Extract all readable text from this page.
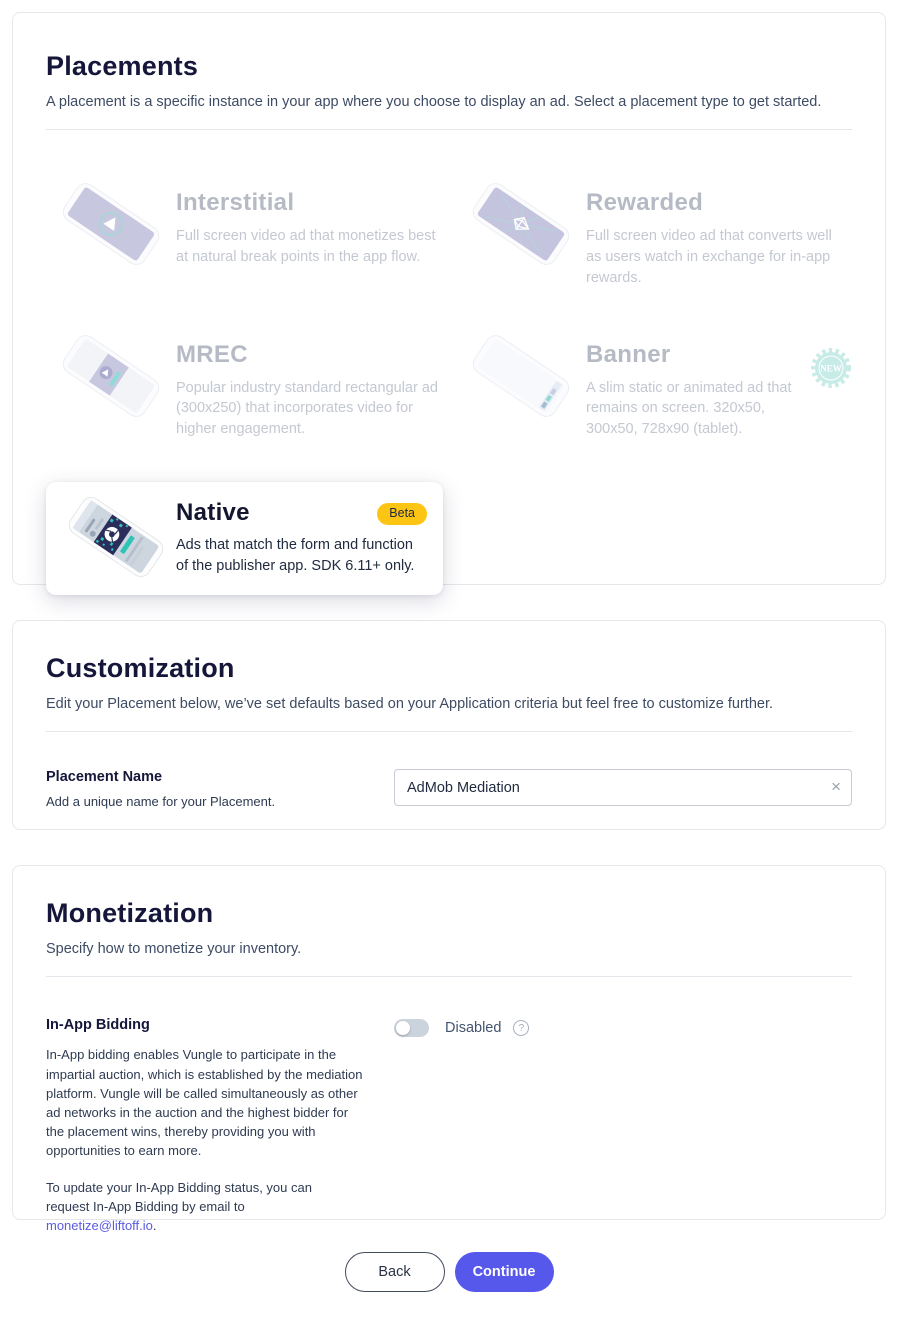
Placements

A placement is a specific instance in your app where you choose to display an ad. Select a placement type to get started.

Interstitial
Full screen video ad that monetizes best at natural break points in the app flow.
Rewarded
Full screen video ad that converts well as users watch in exchange for in-app rewards.
MREC
Popular industry standard rectangular ad (300x250) that incorporates video for higher engagement.
Banner
A slim static or animated ad that remains on screen. 320x50, 300x50, 728x90 (tablet).
NEW
Native	Beta
Ads that match the form and function of the publisher app. SDK 6.11+ only.
Customization

Edit your Placement below, we’ve set defaults based on your Application criteria but feel free to customize further.

Placement Name
Add a unique name for your Placement.
AdMob Mediation
×
Monetization

Specify how to monetize your inventory.

In-App Bidding

In-App bidding enables Vungle to participate in the impartial auction, which is established by the mediation platform. Vungle will be called simultaneously as other ad networks in the auction and the highest bidder for the placement wins, thereby providing you with opportunities to earn more.

To update your In-App Bidding status, you can request In-App Bidding by email to monetize@liftoff.io.

Disabled	?
Back	Continue
